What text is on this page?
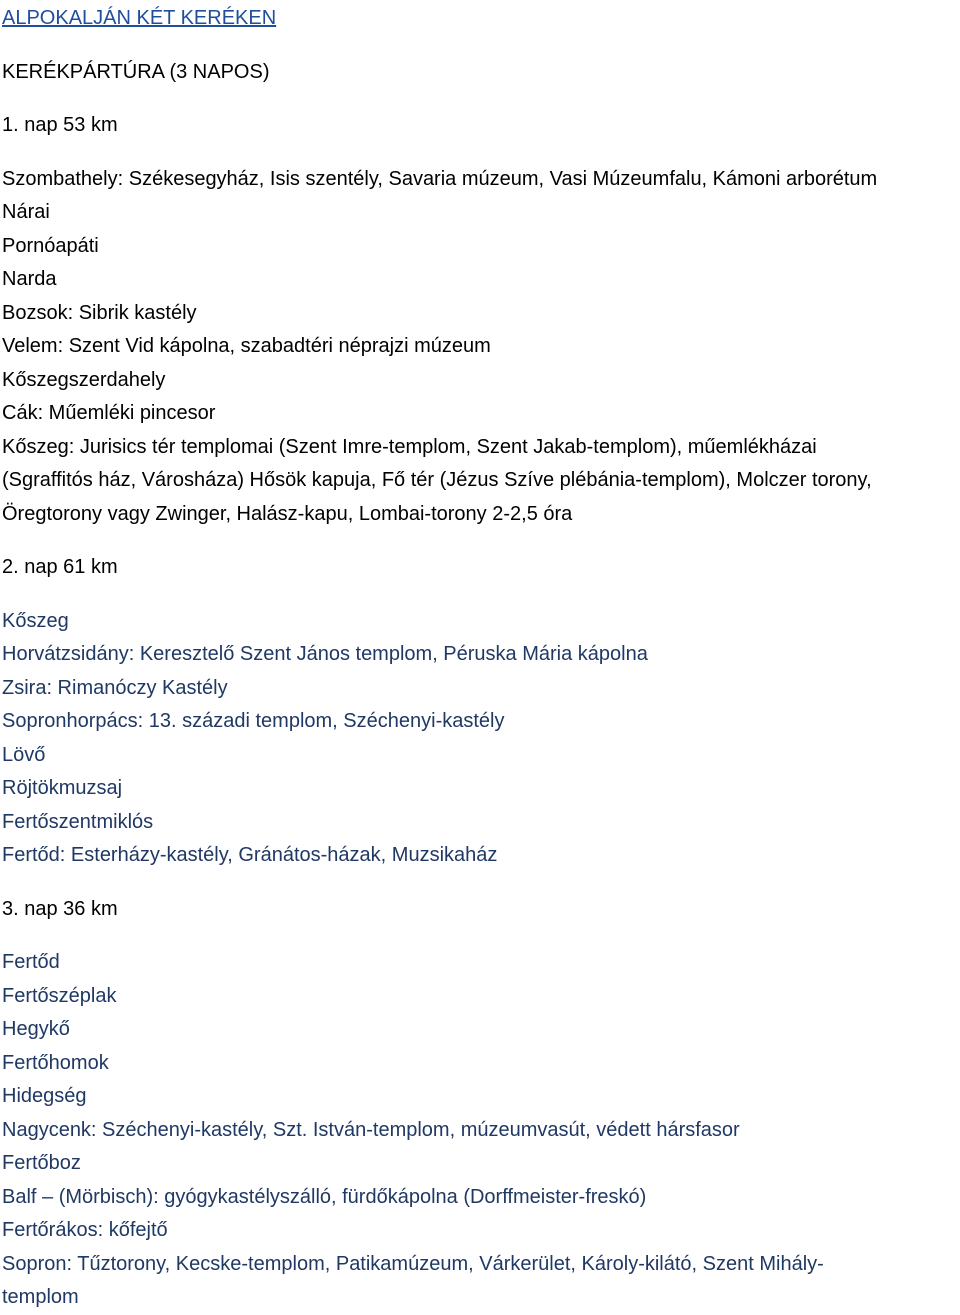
ALPOKALJÁN KÉT KERÉKEN
KERÉKPÁRTÚRA (3 NAPOS)
1. nap 53 km
Szombathely: Székesegyház, Isis szentély, Savaria múzeum, Vasi Múzeumfalu, Kámoni arborétum
Nárai
Pornóapáti
Narda
Bozsok: Sibrik kastély
Velem: Szent Vid kápolna, szabadtéri néprajzi múzeum
Kőszegszerdahely
Cák: Műemléki pincesor
Kőszeg: Jurisics tér templomai (Szent Imre-templom, Szent Jakab-templom), műemlékházai
(Sgraffitós ház, Városháza) Hősök kapuja, Fő tér (Jézus Szíve plébánia-templom), Molczer torony,
Öregtorony vagy Zwinger, Halász-kapu, Lombai-torony 2-2,5 óra
2. nap 61 km
Kőszeg
Horvátzsidány: Keresztelő Szent János templom, Péruska Mária kápolna
Zsira: Rimanóczy Kastély
Sopronhorpács: 13. századi templom, Széchenyi-kastély
Lövő
Röjtökmuzsaj
Fertőszentmiklós
Fertőd: Esterházy-kastély, Gránátos-házak, Muzsikaház
3. nap 36 km
Fertőd
Fertőszéplak
Hegykő
Fertőhomok
Hidegség
Nagycenk: Széchenyi-kastély, Szt. István-templom, múzeumvasút, védett hársfasor
Fertőboz
Balf – (Mörbisch): gyógykastélyszálló, fürdőkápolna (Dorffmeister-freskó)
Fertőrákos: kőfejtő
Sopron: Tűztorony, Kecske-templom, Patikamúzeum, Várkerület, Károly-kilátó, Szent Mihály-
templom
